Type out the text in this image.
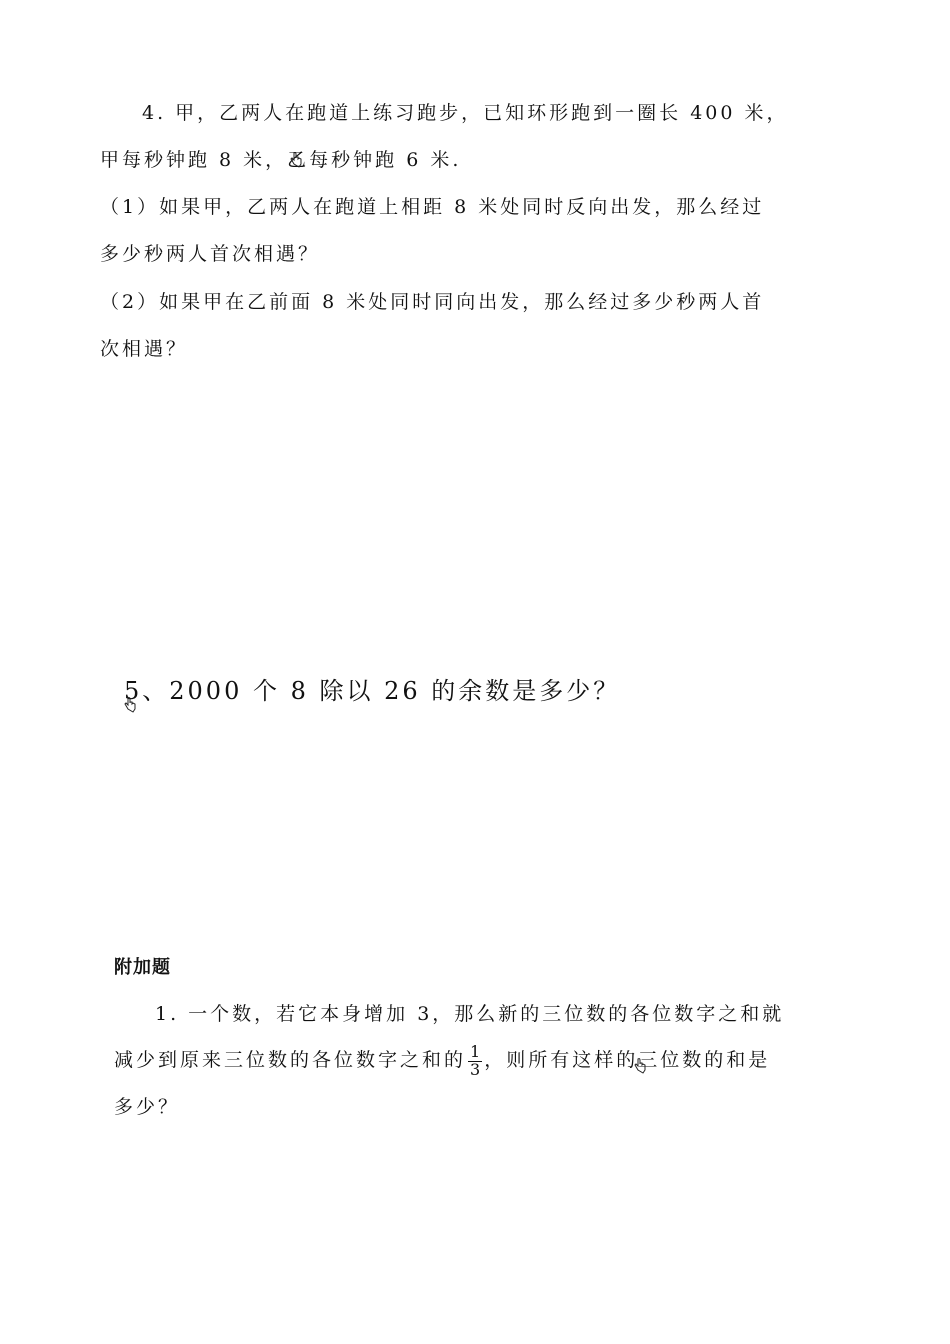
4. 甲，乙两人在跑道上练习跑步，已知环形跑到一圈长 400 米，
甲每秒钟跑 8 米，乙每秒钟跑 6 米.
（1）如果甲，乙两人在跑道上相距 8 米处同时反向出发，那么经过
多少秒两人首次相遇？
（2）如果甲在乙前面 8 米处同时同向出发，那么经过多少秒两人首
次相遇？
5、2000 个 8 除以 26 的余数是多少？
附加题
1. 一个数，若它本身增加 3，那么新的三位数的各位数字之和就
减少到原来三位数的各位数字之和的 $\frac{1}{3}$ ，则所有这样的三位数的和是
多少？
